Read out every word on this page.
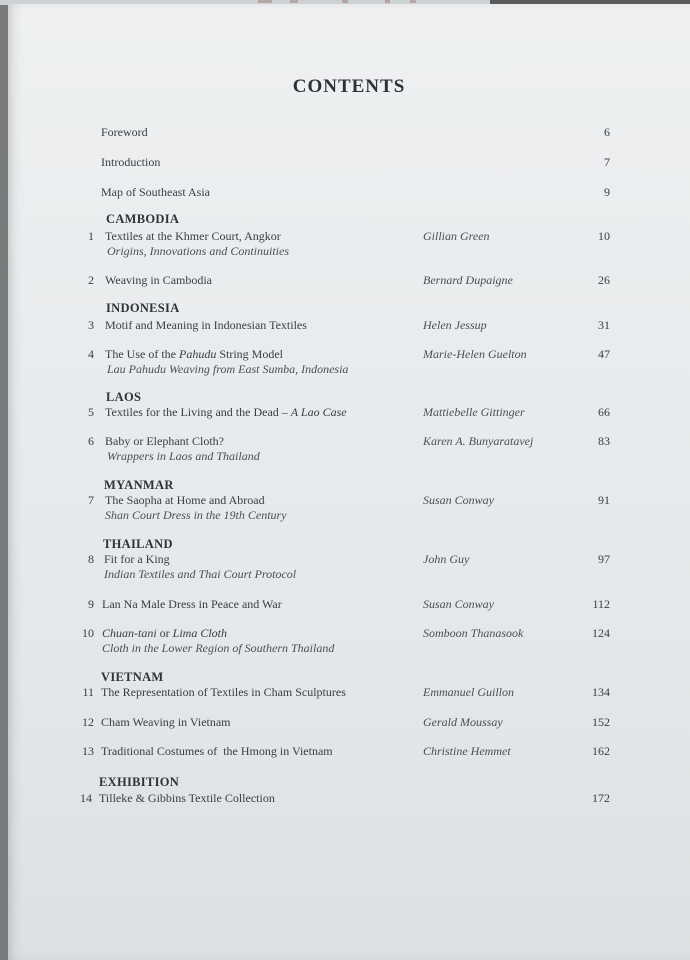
CONTENTS
Foreword	6
Introduction	7
Map of Southeast Asia	9
CAMBODIA
1 Textiles at the Khmer Court, Angkor
Origins, Innovations and Continuities
Gillian Green	10
2 Weaving in Cambodia	Bernard Dupaigne	26
INDONESIA
3 Motif and Meaning in Indonesian Textiles	Helen Jessup	31
4 The Use of the Pahudu String Model
Lau Pahudu Weaving from East Sumba, Indonesia
Marie-Helen Guelton	47
LAOS
5 Textiles for the Living and the Dead – A Lao Case	Mattiebelle Gittinger	66
6 Baby or Elephant Cloth?
Wrappers in Laos and Thailand
Karen A. Bunyaratavej	83
MYANMAR
7 The Saopha at Home and Abroad
Shan Court Dress in the 19th Century
Susan Conway	91
THAILAND
8 Fit for a King
Indian Textiles and Thai Court Protocol
John Guy	97
9 Lan Na Male Dress in Peace and War	Susan Conway	112
10 Chuan-tani or Lima Cloth
Cloth in the Lower Region of Southern Thailand
Somboon Thanasook	124
VIETNAM
11 The Representation of Textiles in Cham Sculptures	Emmanuel Guillon	134
12 Cham Weaving in Vietnam	Gerald Moussay	152
13 Traditional Costumes of  the Hmong in Vietnam	Christine Hemmet	162
EXHIBITION
14 Tilleke & Gibbins Textile Collection	172
